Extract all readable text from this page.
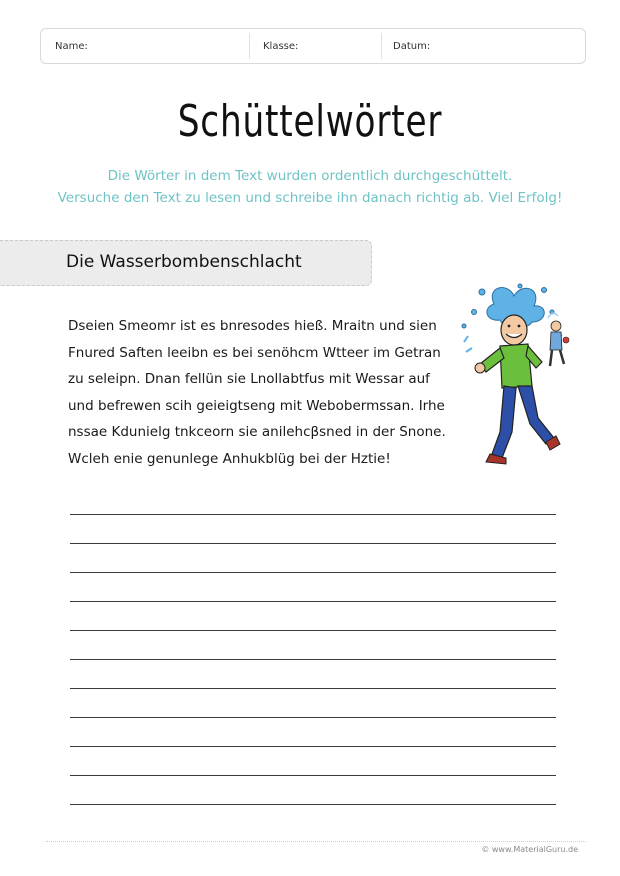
Name:	Klasse:	Datum:
Schüttelwörter
Die Wörter in dem Text wurden ordentlich durchgeschüttelt.
Versuche den Text zu lesen und schreibe ihn danach richtig ab. Viel Erfolg!
Die Wasserbombenschlacht
Dseien Smeomr ist es bnresodes hieß. Mraitn und sien
Fnured Saften leeibn es bei senöhcm Wtteer im Getran
zu seleipn. Dnan fellün sie Lnollabtfus mit Wessar auf
und befrewen scih geieigtseng mit Webobermssan. Irhe
nssae Kdunielg tnkceorn sie anilehcβsned in der Snone.
Wcleh enie genunlege Anhukblüg bei der Hztie!
© www.MaterialGuru.de
